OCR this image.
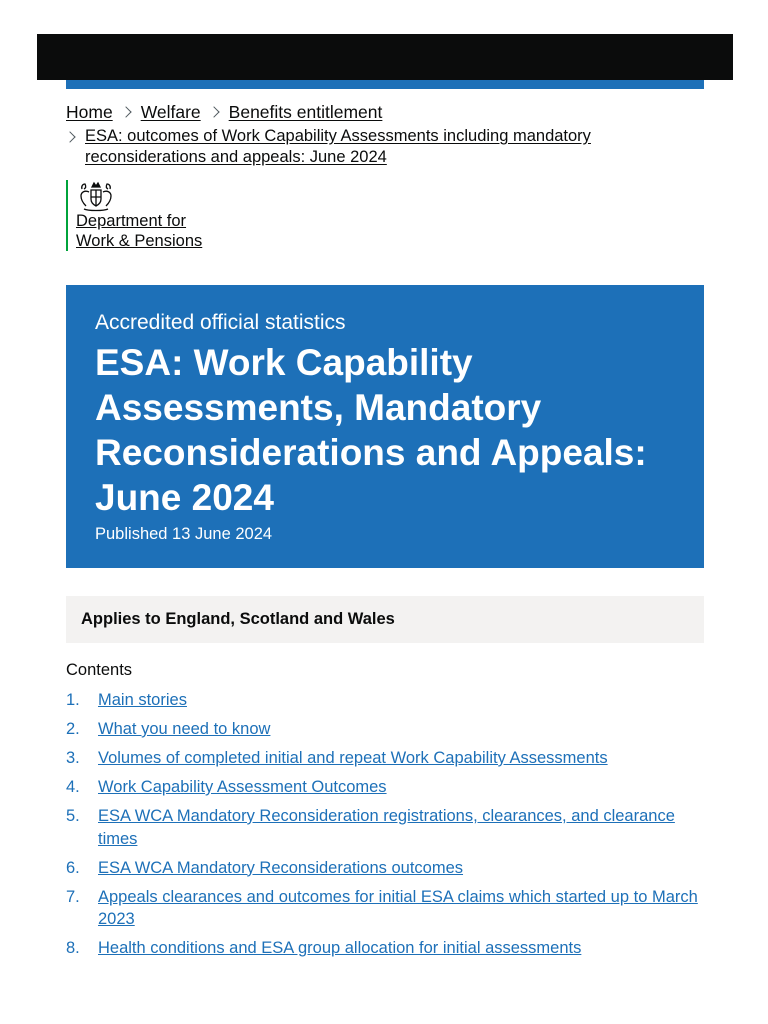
Home Welfare Benefits entitlement
ESA: outcomes of Work Capability Assessments including mandatory reconsiderations and appeals: June 2024
Department for Work & Pensions
Accredited official statistics
ESA: Work Capability Assessments, Mandatory Reconsiderations and Appeals: June 2024
Published 13 June 2024
Applies to England, Scotland and Wales
Contents
1.	Main stories
2.	What you need to know
3.	Volumes of completed initial and repeat Work Capability Assessments
4.	Work Capability Assessment Outcomes
5.	ESA WCA Mandatory Reconsideration registrations, clearances, and clearance times
6.	ESA WCA Mandatory Reconsiderations outcomes
7.	Appeals clearances and outcomes for initial ESA claims which started up to March 2023
8.	Health conditions and ESA group allocation for initial assessments
